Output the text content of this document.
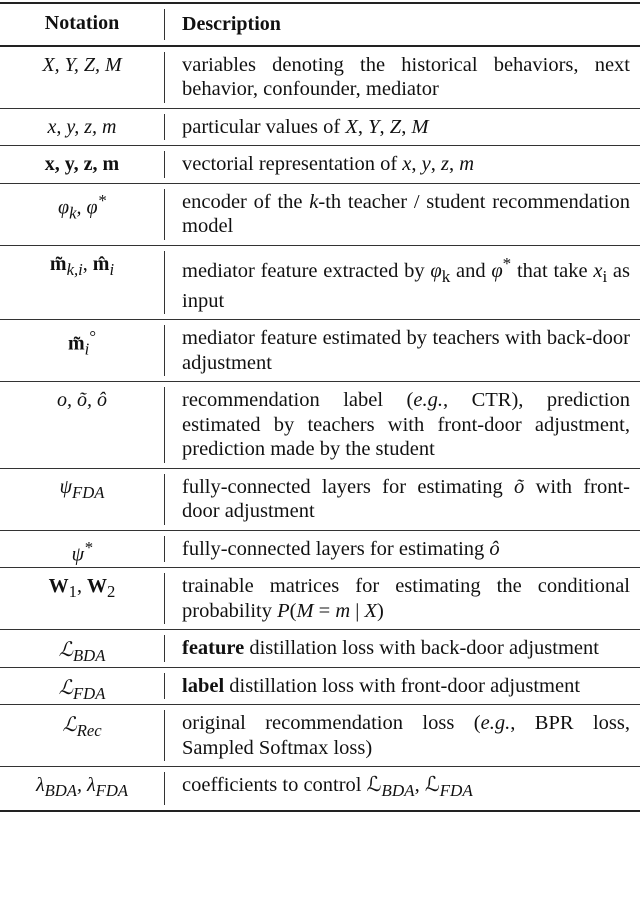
Notation	Description
X, Y, Z, M	variables denoting the historical behaviors, next behavior, confounder, mediator
x, y, z, m	particular values of X, Y, Z, M
x, y, z, m	vectorial representation of x, y, z, m
$\varphi_k$, φ*	encoder of the k-th teacher / student recommendation model
$m̃_{k,i}$, $m̂_i$	mediator feature extracted by $\varphi_k$ and φ* that take $x_i$ as input
$m̃_i^\circ$	mediator feature estimated by teachers with back-door adjustment
o, õ, ô	recommendation label (e.g., CTR), prediction estimated by teachers with front-door adjustment, prediction made by the student
$\psi_{FDA}$	fully-connected layers for estimating õ with front-door adjustment
ψ*	fully-connected layers for estimating ô
$W_1$, $W_2$	trainable matrices for estimating the conditional probability P(M = m | X)
ℒ$_{BDA}$	feature distillation loss with back-door adjustment
ℒ$_{FDA}$	label distillation loss with front-door adjustment
ℒ$_{Rec}$	original recommendation loss (e.g., BPR loss, Sampled Softmax loss)
$\lambda_{BDA}$, $\lambda_{FDA}$	coefficients to control ℒ$_{BDA}$, ℒ$_{FDA}$
